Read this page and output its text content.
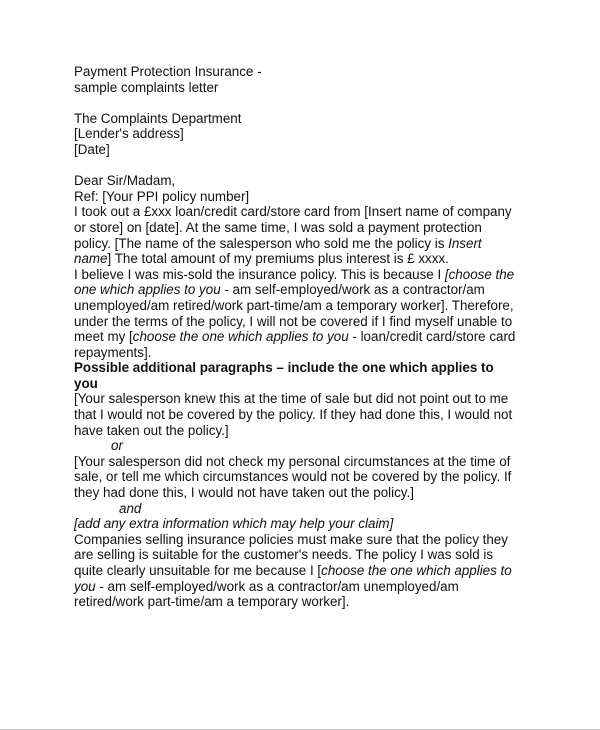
Payment Protection Insurance -

sample complaints letter

The Complaints Department

[Lender's address]

[Date]

Dear Sir/Madam,

Ref: [Your PPI policy number]

I took out a £xxx loan/credit card/store card from [Insert name of company or store] on [date]. At the same time, I was sold a payment protection policy. [The name of the salesperson who sold me the policy is Insert name] The total amount of my premiums plus interest is £ xxxx.

I believe I was mis-sold the insurance policy. This is because I [choose the one which applies to you - am self-employed/work as a contractor/am unemployed/am retired/work part-time/am a temporary worker]. Therefore, under the terms of the policy, I will not be covered if I find myself unable to meet my [choose the one which applies to you - loan/credit card/store card repayments].

Possible additional paragraphs – include the one which applies to you

[Your salesperson knew this at the time of sale but did not point out to me that I would not be covered by the policy. If they had done this, I would not have taken out the policy.]

or

[Your salesperson did not check my personal circumstances at the time of sale, or tell me which circumstances would not be covered by the policy. If they had done this, I would not have taken out the policy.]

and

[add any extra information which may help your claim]

Companies selling insurance policies must make sure that the policy they are selling is suitable for the customer's needs. The policy I was sold is quite clearly unsuitable for me because I [choose the one which applies to you - am self-employed/work as a contractor/am unemployed/am retired/work part-time/am a temporary worker].
